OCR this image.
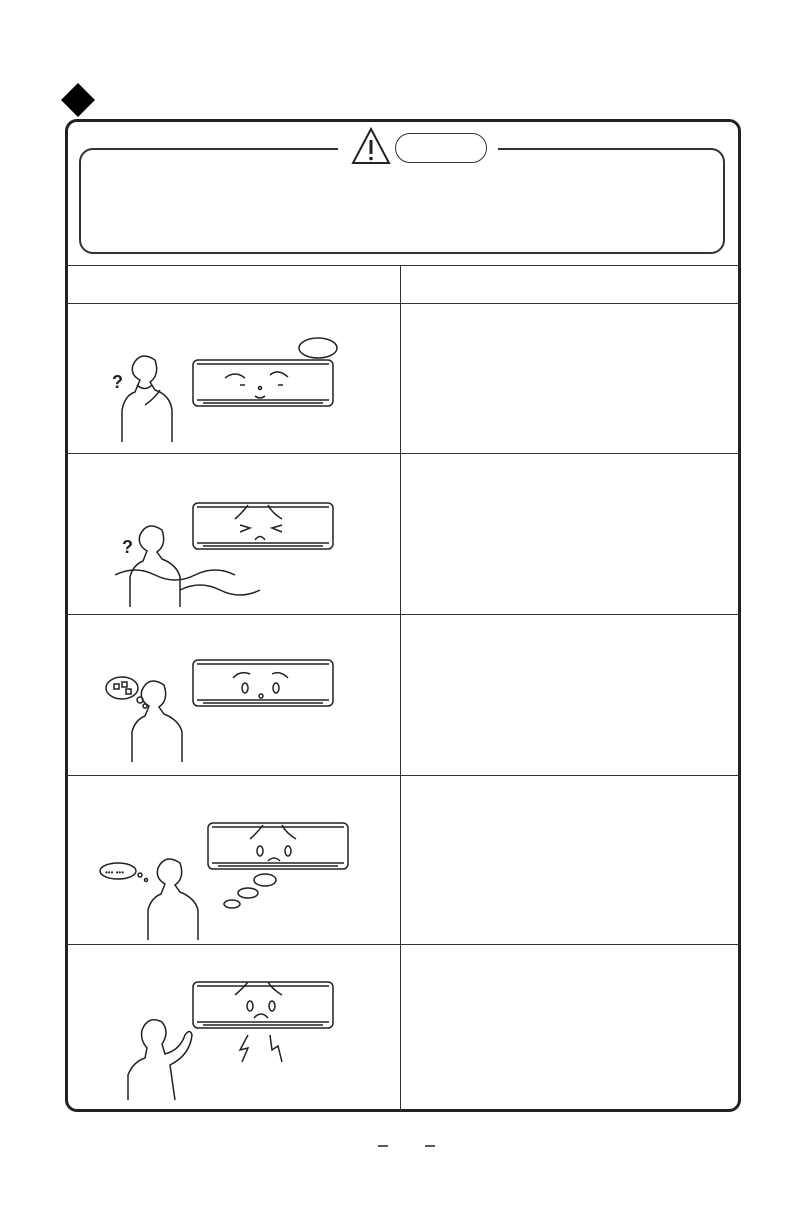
?
?
••• •••
